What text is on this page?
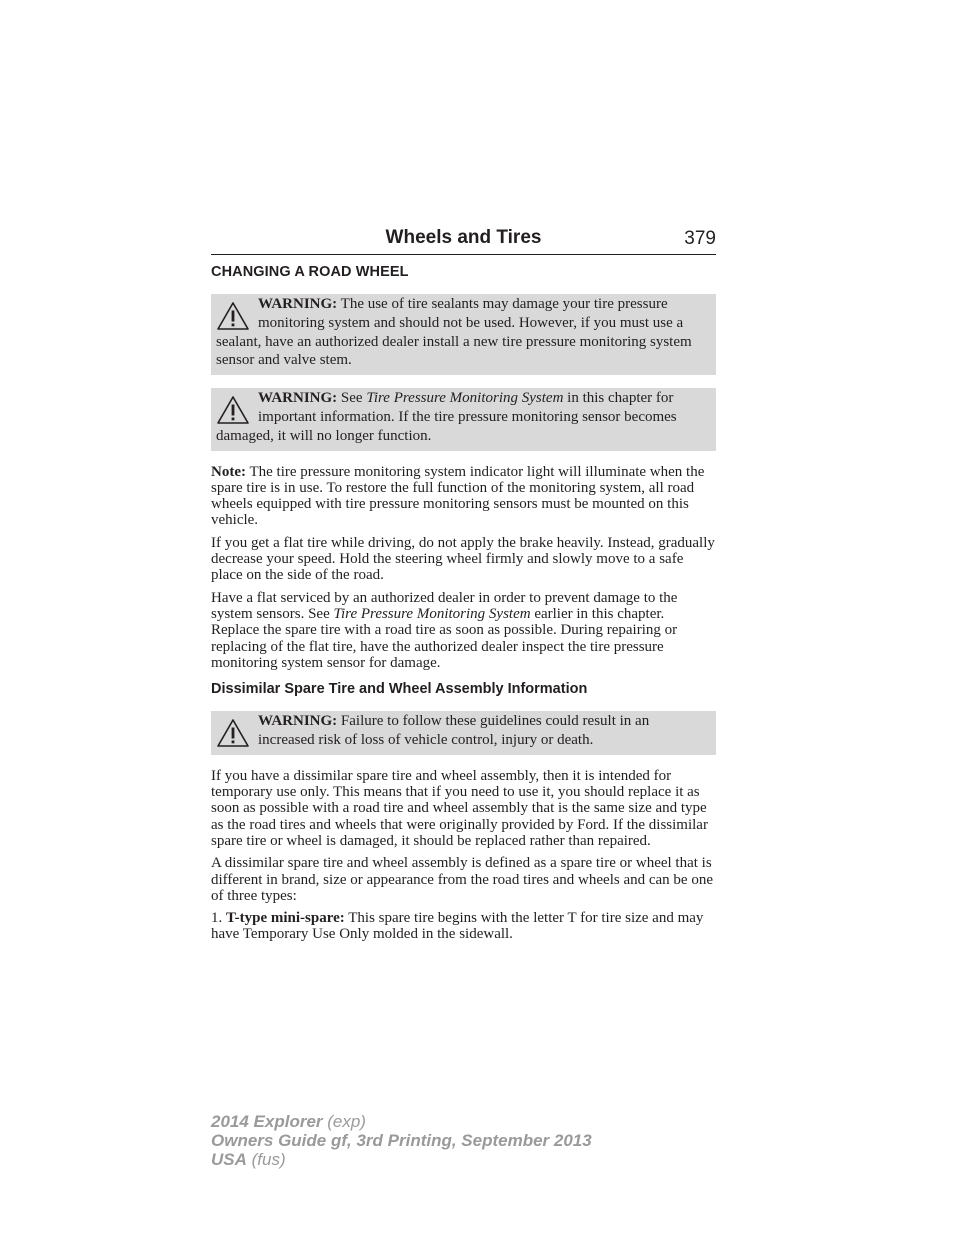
Wheels and Tires	379
CHANGING A ROAD WHEEL
WARNING: The use of tire sealants may damage your tire pressure monitoring system and should not be used. However, if you must use a sealant, have an authorized dealer install a new tire pressure monitoring system sensor and valve stem.
WARNING: See Tire Pressure Monitoring System in this chapter for important information. If the tire pressure monitoring sensor becomes damaged, it will no longer function.

Note: The tire pressure monitoring system indicator light will illuminate when the spare tire is in use. To restore the full function of the monitoring system, all road wheels equipped with tire pressure monitoring sensors must be mounted on this vehicle.

If you get a flat tire while driving, do not apply the brake heavily. Instead, gradually decrease your speed. Hold the steering wheel firmly and slowly move to a safe place on the side of the road.

Have a flat serviced by an authorized dealer in order to prevent damage to the system sensors. See Tire Pressure Monitoring System earlier in this chapter. Replace the spare tire with a road tire as soon as possible. During repairing or replacing of the flat tire, have the authorized dealer inspect the tire pressure monitoring system sensor for damage.

Dissimilar Spare Tire and Wheel Assembly Information
WARNING: Failure to follow these guidelines could result in an increased risk of loss of vehicle control, injury or death.

If you have a dissimilar spare tire and wheel assembly, then it is intended for temporary use only. This means that if you need to use it, you should replace it as soon as possible with a road tire and wheel assembly that is the same size and type as the road tires and wheels that were originally provided by Ford. If the dissimilar spare tire or wheel is damaged, it should be replaced rather than repaired.

A dissimilar spare tire and wheel assembly is defined as a spare tire or wheel that is different in brand, size or appearance from the road tires and wheels and can be one of three types:

1. T-type mini-spare: This spare tire begins with the letter T for tire size and may have Temporary Use Only molded in the sidewall.

2014 Explorer (exp)
Owners Guide gf, 3rd Printing, September 2013
USA (fus)
